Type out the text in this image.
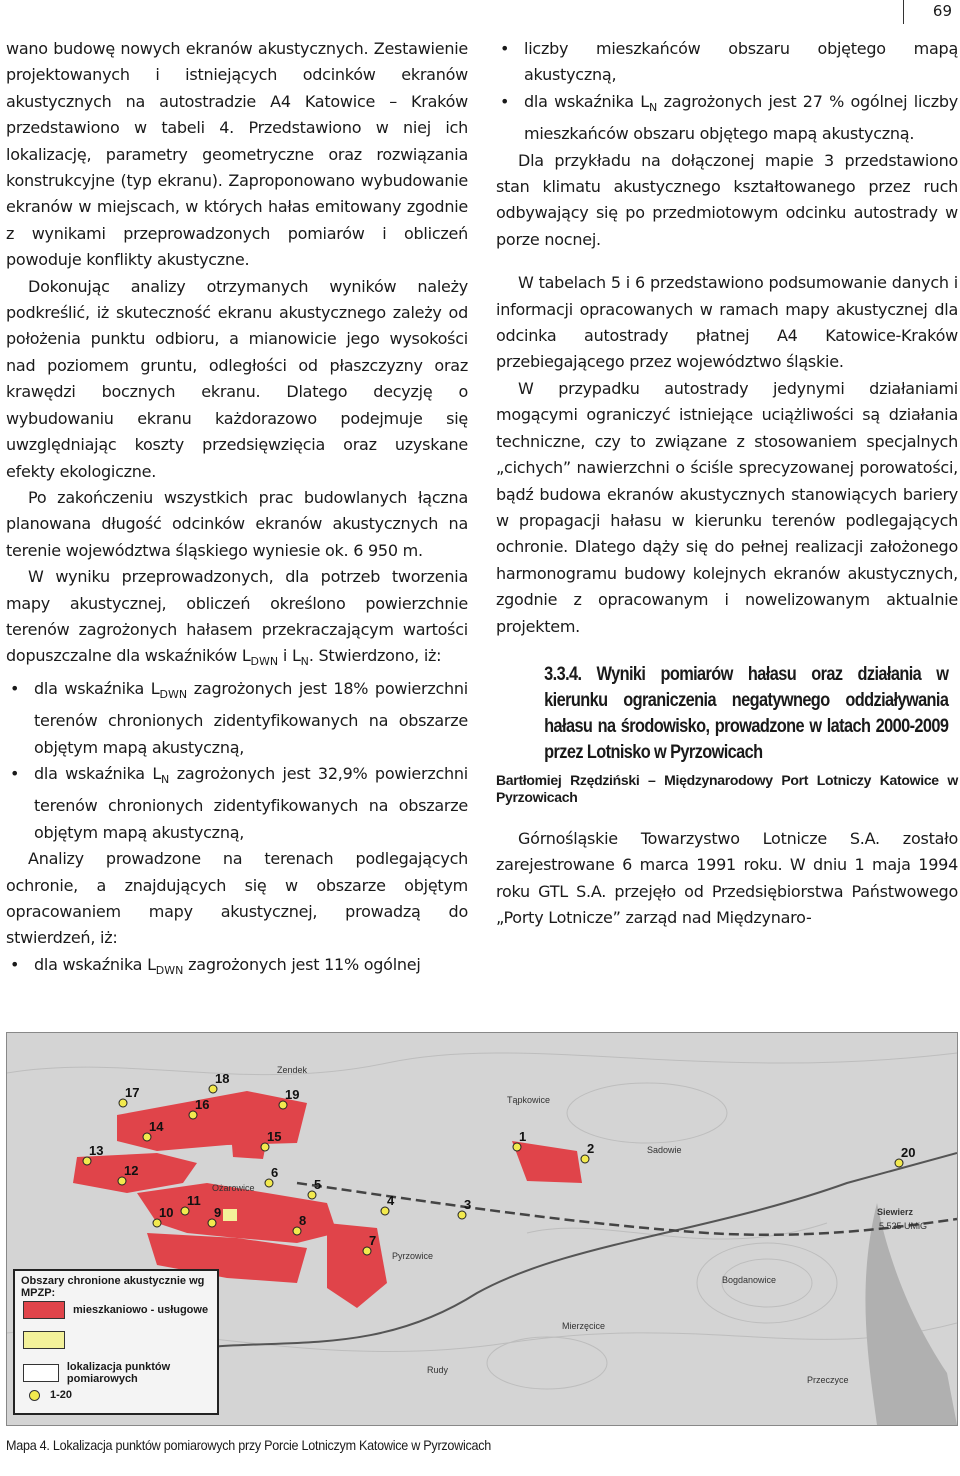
69

wano budowę nowych ekranów akustycznych. Zestawienie projektowanych i istniejących odcinków ekranów akustycznych na autostradzie A4 Katowice – Kraków przedstawiono w tabeli 4. Przedstawiono w niej ich lokalizację, parametry geometryczne oraz rozwiązania konstrukcyjne (typ ekranu). Zaproponowano wybudowanie ekranów w miejscach, w których hałas emitowany zgodnie z wynikami przeprowadzonych pomiarów i obliczeń powoduje konflikty akustyczne.

Dokonując analizy otrzymanych wyników należy podkreślić, iż skuteczność ekranu akustycznego zależy od położenia punktu odbioru, a mianowicie jego wysokości nad poziomem gruntu, odległości od płaszczyzny oraz krawędzi bocznych ekranu. Dlatego decyzję o wybudowaniu ekranu każdorazowo podejmuje się uwzględniając koszty przedsięwzięcia oraz uzyskane efekty ekologiczne.

Po zakończeniu wszystkich prac budowlanych łączna planowana długość odcinków ekranów akustycznych na terenie województwa śląskiego wyniesie ok. 6 950 m.

W wyniku przeprowadzonych, dla potrzeb tworzenia mapy akustycznej, obliczeń określono powierzchnie terenów zagrożonych hałasem przekraczającym wartości dopuszczalne dla wskaźników $L_{DWN}$ i $L_N$. Stwierdzono, iż:

• dla wskaźnika $L_{DWN}$ zagrożonych jest 18% powierzchni terenów chronionych zidentyfikowanych na obszarze objętym mapą akustyczną,
• dla wskaźnika $L_N$ zagrożonych jest 32,9% powierzchni terenów chronionych zidentyfikowanych na obszarze objętym mapą akustyczną,

Analizy prowadzone na terenach podlegających ochronie, a znajdujących się w obszarze objętym opracowaniem mapy akustycznej, prowadzą do stwierdzeń, iż:

• dla wskaźnika $L_{DWN}$ zagrożonych jest 11% ogólnej
• liczby mieszkańców obszaru objętego mapą akustyczną,
• dla wskaźnika $L_N$ zagrożonych jest 27 % ogólnej liczby mieszkańców obszaru objętego mapą akustyczną.

Dla przykładu na dołączonej mapie 3 przedstawiono stan klimatu akustycznego kształtowanego przez ruch odbywający się po przedmiotowym odcinku autostrady w porze nocnej.

W tabelach 5 i 6 przedstawiono podsumowanie danych i informacji opracowanych w ramach mapy akustycznej dla odcinka autostrady płatnej A4 Katowice-Kraków przebiegającego przez województwo śląskie.

W przypadku autostrady jedynymi działaniami mogącymi ograniczyć istniejące uciążliwości są działania techniczne, czy to związane z stosowaniem specjalnych „cichych” nawierzchni o ściśle sprecyzowanej porowatości, bądź budowa ekranów akustycznych stanowiących bariery w propagacji hałasu w kierunku terenów podlegających ochronie. Dlatego dąży się do pełnej realizacji założonego harmonogramu budowy kolejnych ekranów akustycznych, zgodnie z opracowanym i nowelizowanym aktualnie projektem.

3.3.4. Wyniki pomiarów hałasu oraz działania w kierunku ograniczenia negatywnego oddziaływania hałasu na środowisko, prowadzone w latach 2000-2009 przez Lotnisko w Pyrzowicach
Bartłomiej Rzędziński – Międzynarodowy Port Lotniczy Katowice w Pyrzowicach

Górnośląskie Towarzystwo Lotnicze S.A. zostało zarejestrowane 6 marca 1991 roku. W dniu 1 maja 1994 roku GTL S.A. przejęło od Przedsiębiorstwa Państwowego „Porty Lotnicze” zarząd nad Międzynaro-

1
2
3
4
5
6
7
8
9
10
11
12
13
14
15
16
17
18
19
20
Zendek
Ożarowice
Tąpkowice
Siewierz
Przeczyce
Mierzęcice
Pyrzowice
Bogdanowice
Sadowie
Rudy
5 525 UMiG
Obszary chronione akustycznie wg MPZP:
mieszkaniowo - usługowe
lokalizacja punktów pomiarowych
1-20
Mapa 4. Lokalizacja punktów pomiarowych przy Porcie Lotniczym Katowice w Pyrzowicach
